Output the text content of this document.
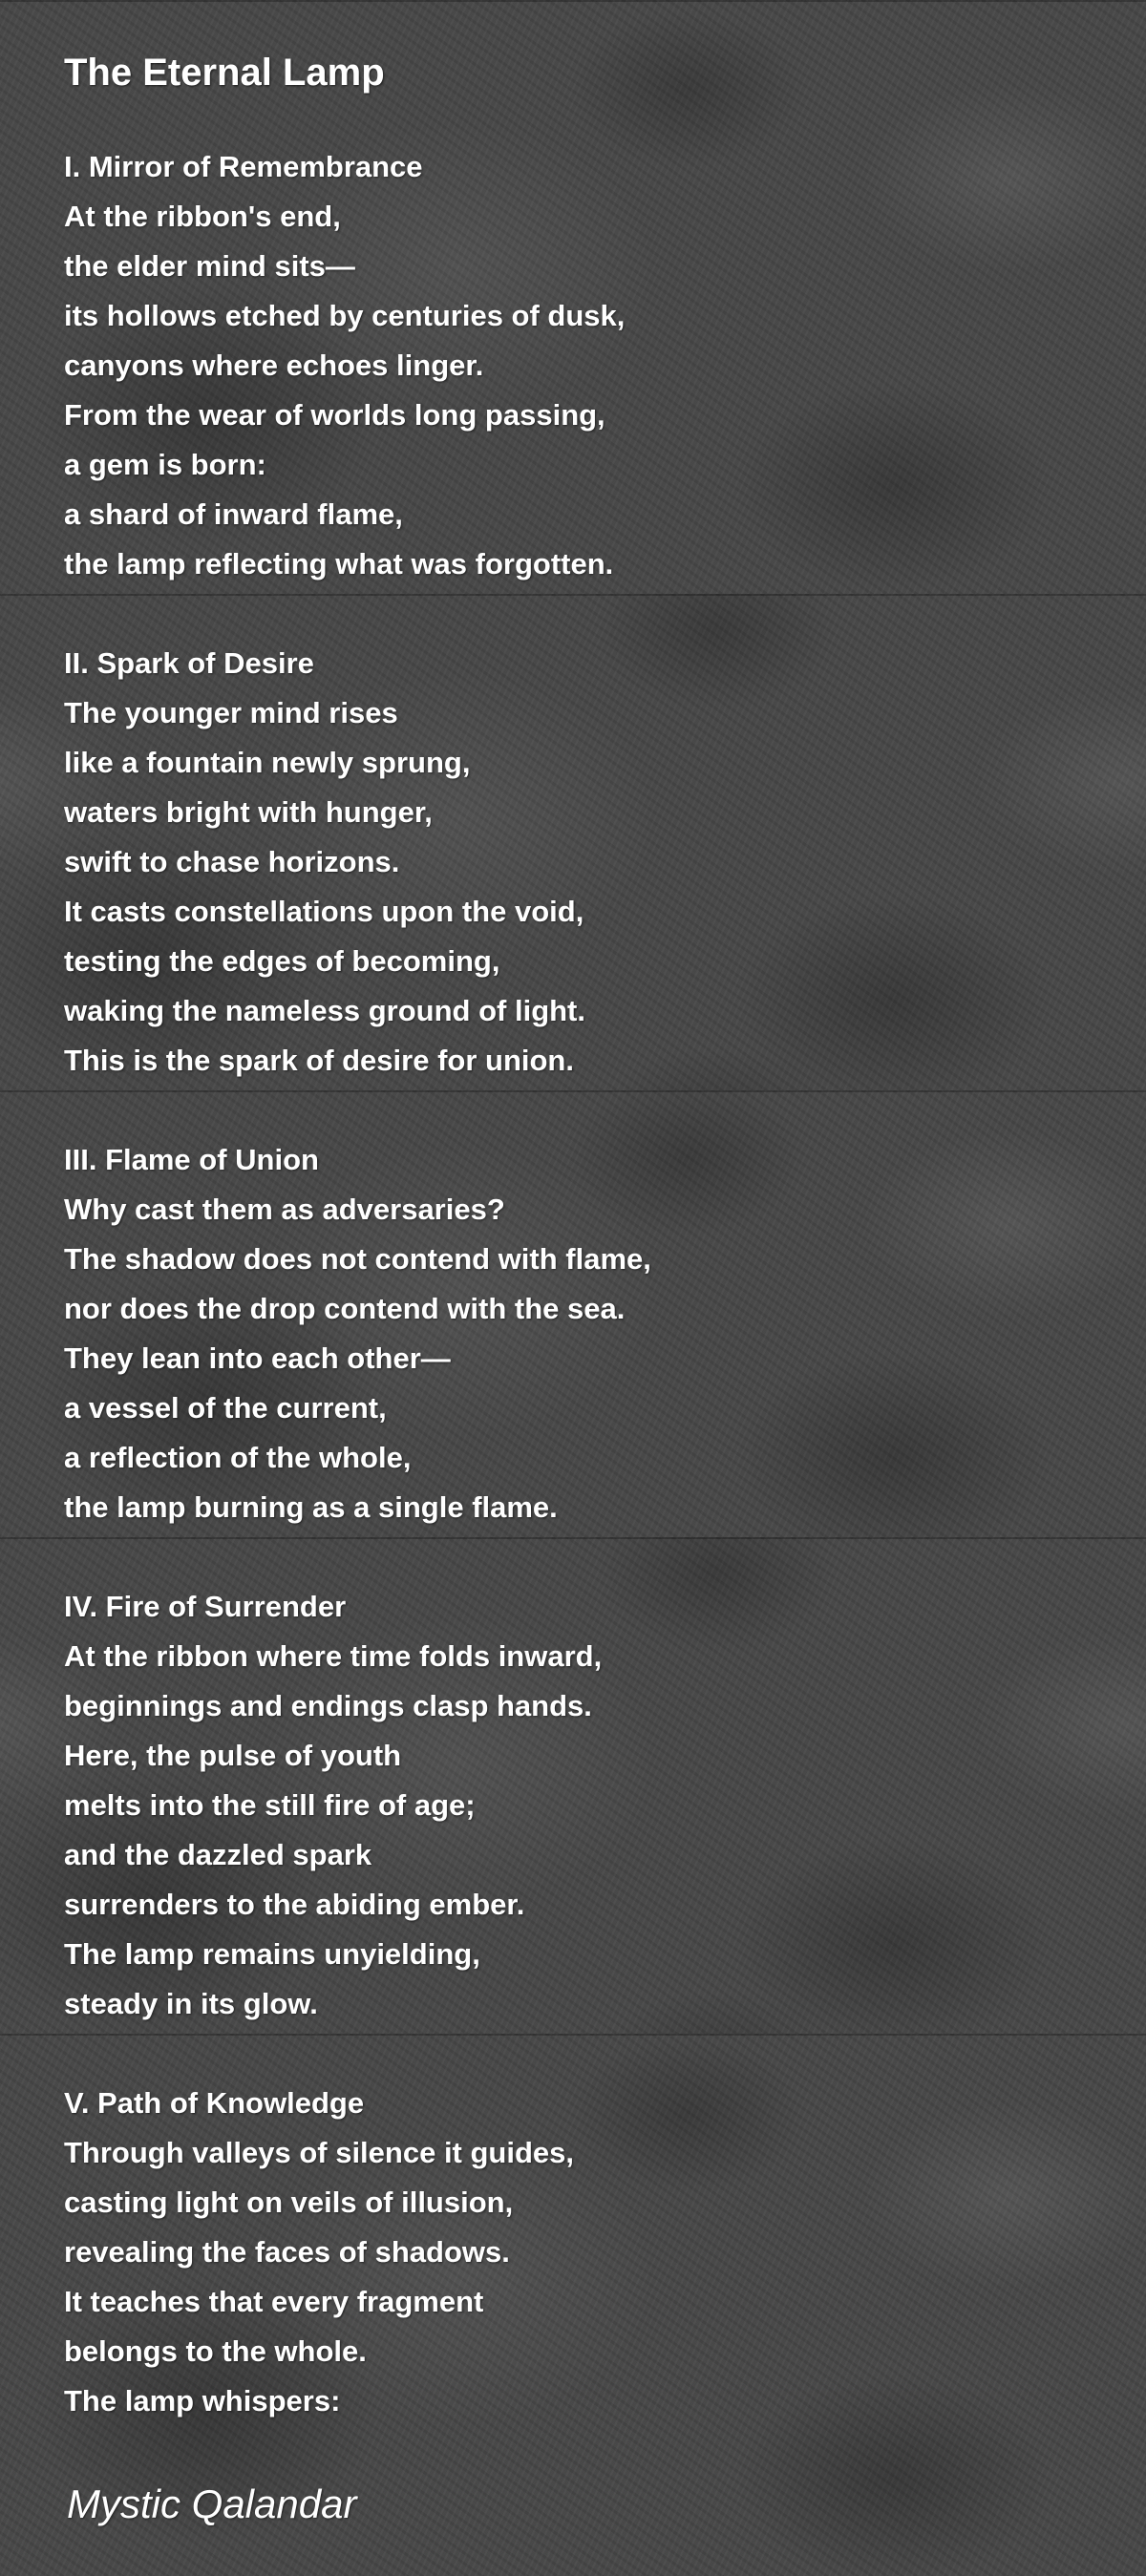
The Eternal Lamp
I. Mirror of Remembrance
At the ribbon's end,
the elder mind sits—
its hollows etched by centuries of dusk,
canyons where echoes linger.
From the wear of worlds long passing,
a gem is born:
a shard of inward flame,
the lamp reflecting what was forgotten.
II. Spark of Desire
The younger mind rises
like a fountain newly sprung,
waters bright with hunger,
swift to chase horizons.
It casts constellations upon the void,
testing the edges of becoming,
waking the nameless ground of light.
This is the spark of desire for union.
III. Flame of Union
Why cast them as adversaries?
The shadow does not contend with flame,
nor does the drop contend with the sea.
They lean into each other—
a vessel of the current,
a reflection of the whole,
the lamp burning as a single flame.
IV. Fire of Surrender
At the ribbon where time folds inward,
beginnings and endings clasp hands.
Here, the pulse of youth
melts into the still fire of age;
and the dazzled spark
surrenders to the abiding ember.
The lamp remains unyielding,
steady in its glow.
V. Path of Knowledge
Through valleys of silence it guides,
casting light on veils of illusion,
revealing the faces of shadows.
It teaches that every fragment
belongs to the whole.
The lamp whispers:

Mystic Qalandar
